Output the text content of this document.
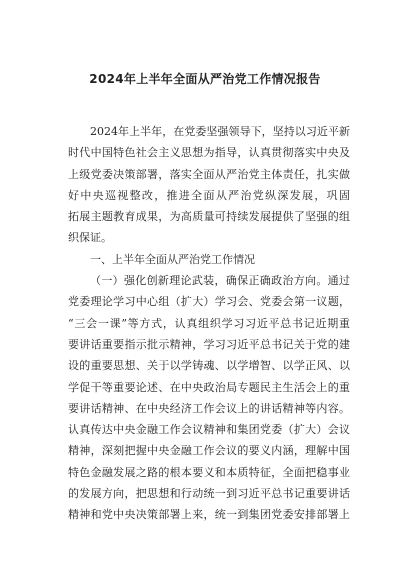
2024年上半年全面从严治党工作情况报告
2024年上半年，在党委坚强领导下，坚持以习近平新
时代中国特色社会主义思想为指导，认真贯彻落实中央及
上级党委决策部署，落实全面从严治党主体责任，扎实做
好中央巡视整改，推进全面从严治党纵深发展，巩固
拓展主题教育成果，为高质量可持续发展提供了坚强的组
织保证。
一、上半年全面从严治党工作情况
（一）强化创新理论武装，确保正确政治方向。通过
党委理论学习中心组（扩大）学习会、党委会第一议题，
“三会一课”等方式，认真组织学习习近平总书记近期重
要讲话重要指示批示精神，学习习近平总书记关于党的建
设的重要思想、关于以学铸魂、以学增智、以学正风、以
学促干等重要论述、在中央政治局专题民主生活会上的重
要讲话精神、在中央经济工作会议上的讲话精神等内容。
认真传达中央金融工作会议精神和集团党委（扩大）会议
精神，深刻把握中央金融工作会议的要义内涵，理解中国
特色金融发展之路的根本要义和本质特征，全面把稳事业
的发展方向，把思想和行动统一到习近平总书记重要讲话
精神和党中央决策部署上来，统一到集团党委安排部署上
